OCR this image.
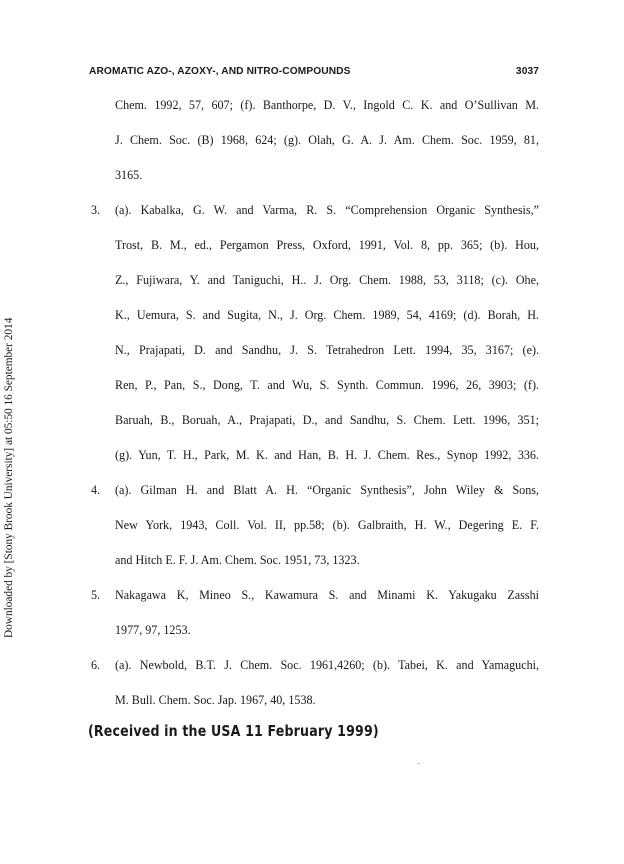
Downloaded by [Stony Brook University] at 05:50 16 September 2014
AROMATIC AZO-, AZOXY-, AND NITRO-COMPOUNDS	3037
Chem. 1992, 57, 607; (f). Banthorpe, D. V., Ingold C. K. and O’Sullivan M.
J. Chem. Soc. (B) 1968, 624; (g). Olah, G. A. J. Am. Chem. Soc. 1959, 81,
3165.
3. (a). Kabalka, G. W. and Varma, R. S. “Comprehension Organic Synthesis,”
Trost, B. M., ed., Pergamon Press, Oxford, 1991, Vol. 8, pp. 365; (b). Hou,
Z., Fujiwara, Y. and Taniguchi, H.. J. Org. Chem. 1988, 53, 3118; (c). Ohe,
K., Uemura, S. and Sugita, N., J. Org. Chem. 1989, 54, 4169; (d). Borah, H.
N., Prajapati, D. and Sandhu, J. S. Tetrahedron Lett. 1994, 35, 3167; (e).
Ren, P., Pan, S., Dong, T. and Wu, S. Synth. Commun. 1996, 26, 3903; (f).
Baruah, B., Boruah, A., Prajapati, D., and Sandhu, S. Chem. Lett. 1996, 351;
(g). Yun, T. H., Park, M. K. and Han, B. H. J. Chem. Res., Synop 1992, 336.
4. (a). Gilman H. and Blatt A. H. “Organic Synthesis”, John Wiley & Sons,
New York, 1943, Coll. Vol. II, pp.58; (b). Galbraith, H. W., Degering E. F.
and Hitch E. F. J. Am. Chem. Soc. 1951, 73, 1323.
5. Nakagawa K, Mineo S., Kawamura S. and Minami K. Yakugaku Zasshi
1977, 97, 1253.
6. (a). Newbold, B.T. J. Chem. Soc. 1961,4260; (b). Tabei, K. and Yamaguchi,
M. Bull. Chem. Soc. Jap. 1967, 40, 1538.
(Received in the USA 11 February 1999)
